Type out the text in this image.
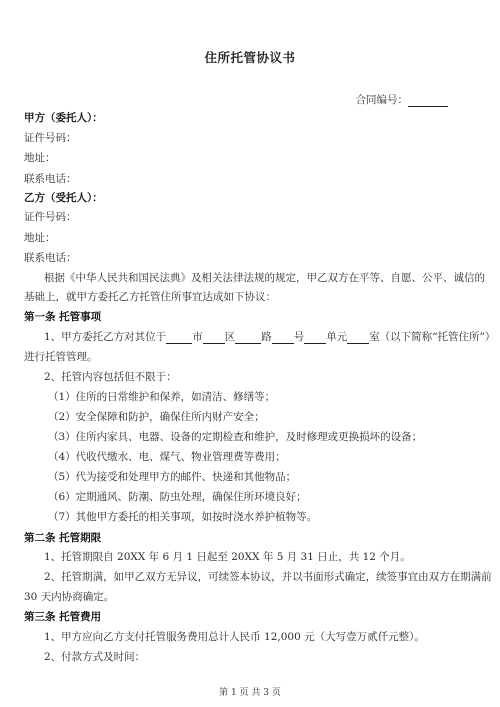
住所托管协议书
合同编号：
甲方（委托人）：
证件号码：
地址：
联系电话：
乙方（受托人）：
证件号码：
地址：
联系电话：
根据《中华人民共和国民法典》及相关法律法规的规定，甲乙双方在平等、自愿、公平、诚信的
基础上，就甲方委托乙方托管住所事宜达成如下协议：
第一条 托管事项
1、甲方委托乙方对其位于 市 区 路 号 单元 室（以下简称“托管住所”）
进行托管管理。
2、托管内容包括但不限于：
（1）住所的日常维护和保养，如清洁、修缮等；
（2）安全保障和防护，确保住所内财产安全；
（3）住所内家具、电器、设备的定期检查和维护，及时修理或更换损坏的设备；
（4）代收代缴水、电、煤气、物业管理费等费用；
（5）代为接受和处理甲方的邮件、快递和其他物品；
（6）定期通风、防潮、防虫处理，确保住所环境良好；
（7）其他甲方委托的相关事项，如按时浇水养护植物等。
第二条 托管期限
1、托管期限自 20XX 年 6 月 1 日起至 20XX 年 5 月 31 日止，共 12 个月。
2、托管期满，如甲乙双方无异议，可续签本协议，并以书面形式确定，续签事宜由双方在期满前
30 天内协商确定。
第三条 托管费用
1、甲方应向乙方支付托管服务费用总计人民币 12,000 元（大写壹万贰仟元整）。
2、付款方式及时间：
第 1 页 共 3 页
